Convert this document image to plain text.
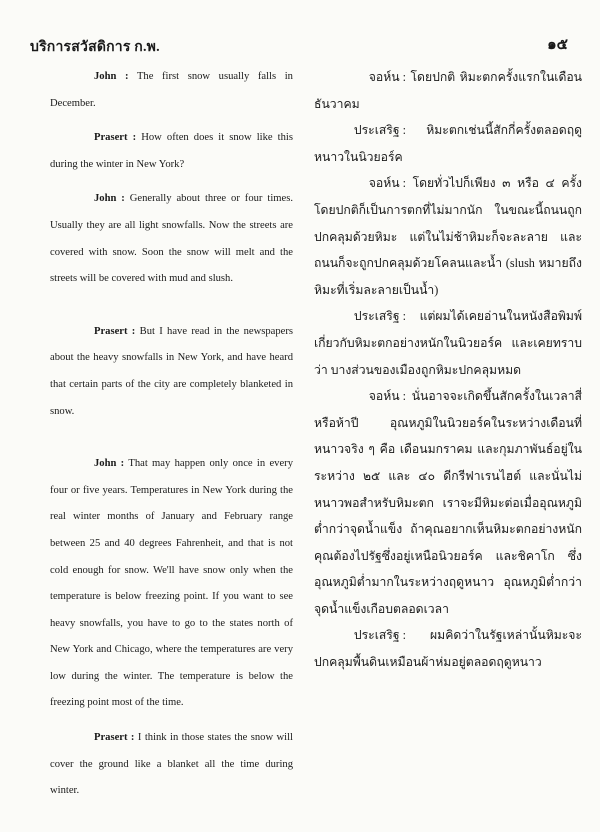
บริการสวัสดิการ ก.พ.	๑๕

John : The first snow usually falls in December.

Prasert : How often does it snow like this during the winter in New York?

John : Generally about three or four times. Usually they are all light snowfalls. Now the streets are covered with snow. Soon the snow will melt and the streets will be covered with mud and slush.

Prasert : But I have read in the newspapers about the heavy snowfalls in New York, and have heard that certain parts of the city are completely blanketed in snow.

John : That may happen only once in every four or five years. Temperatures in New York during the real winter months of January and February range between 25 and 40 degrees Fahrenheit, and that is not cold enough for snow. We'll have snow only when the temperature is below freezing point. If you want to see heavy snowfalls, you have to go to the states north of New York and Chicago, where the temperatures are very low during the winter. The temperature is below the freezing point most of the time.

Prasert : I think in those states the snow will cover the ground like a blanket all the time during winter.

จอห์น : โดยปกติ หิมะตกครั้งแรกในเดือนธันวาคม

ประเสริฐ : หิมะตกเช่นนี้สักกี่ครั้งตลอดฤดูหนาวในนิวยอร์ค

จอห์น : โดยทั่วไปก็เพียง ๓ หรือ ๔ ครั้ง โดยปกติก็เป็นการตกที่ไม่มากนัก ในขณะนี้ถนนถูกปกคลุมด้วยหิมะ แต่ในไม่ช้าหิมะก็จะละลาย และถนนก็จะถูกปกคลุมด้วยโคลนและน้ำ (slush หมายถึงหิมะที่เริ่มละลายเป็นน้ำ)

ประเสริฐ : แต่ผมได้เคยอ่านในหนังสือพิมพ์เกี่ยวกับหิมะตกอย่างหนักในนิวยอร์ค และเคยทราบว่า บางส่วนของเมืองถูกหิมะปกคลุมหมด

จอห์น : นั่นอาจจะเกิดขึ้นสักครั้งในเวลาสี่หรือห้าปี อุณหภูมิในนิวยอร์คในระหว่างเดือนที่หนาวจริง ๆ คือ เดือนมกราคม และกุมภาพันธ์อยู่ในระหว่าง ๒๕ และ ๔๐ ดีกรีฟาเรนไฮต์ และนั่นไม่หนาวพอสำหรับหิมะตก เราจะมีหิมะต่อเมื่ออุณหภูมิต่ำกว่าจุดน้ำแข็ง ถ้าคุณอยากเห็นหิมะตกอย่างหนัก คุณต้องไปรัฐซึ่งอยู่เหนือนิวยอร์ค และชิคาโก ซึ่งอุณหภูมิต่ำมากในระหว่างฤดูหนาว อุณหภูมิต่ำกว่าจุดน้ำแข็งเกือบตลอดเวลา

ประเสริฐ : ผมคิดว่าในรัฐเหล่านั้นหิมะจะปกคลุมพื้นดินเหมือนผ้าห่มอยู่ตลอดฤดูหนาว
